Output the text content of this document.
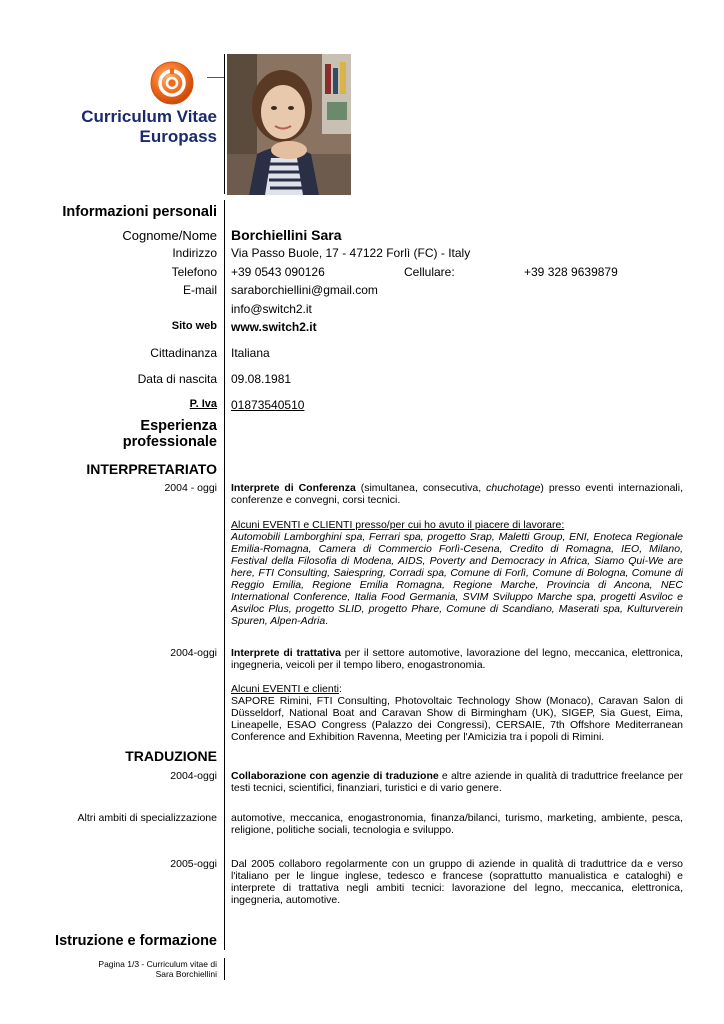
Curriculum Vitae
Europass
Informazioni personali
Cognome/Nome Borchiellini Sara
Indirizzo Via Passo Buole, 17 - 47122 Forlì (FC) - Italy
Telefono +39 0543 090126	Cellulare:	+39 328 9639879
E-mail saraborchiellini@gmail.com
info@switch2.it
Sito web www.switch2.it
Cittadinanza Italiana
Data di nascita 09.08.1981
P. Iva 01873540510
Esperienza
professionale
INTERPRETARIATO
2004 - oggi Interprete di Conferenza (simultanea, consecutiva, chuchotage) presso eventi internazionali, conferenze e convegni, corsi tecnici.
Alcuni EVENTI e CLIENTI presso/per cui ho avuto il piacere di lavorare:
Automobili Lamborghini spa, Ferrari spa, progetto Srap, Maletti Group, ENI, Enoteca Regionale Emilia-Romagna, Camera di Commercio Forlì-Cesena, Credito di Romagna, IEO, Milano, Festival della Filosofia di Modena, AIDS, Poverty and Democracy in Africa, Siamo Qui-We are here, FTI Consulting, Saiespring, Corradi spa, Comune di Forlì, Comune di Bologna, Comune di Reggio Emilia, Regione Emilia Romagna, Regione Marche, Provincia di Ancona, NEC International Conference, Italia Food Germania, SVIM Sviluppo Marche spa, progetti Asviloc e Asviloc Plus, progetto SLID, progetto Phare, Comune di Scandiano, Maserati spa, Kulturverein Spuren, Alpen-Adria.
2004-oggi Interprete di trattativa per il settore automotive, lavorazione del legno, meccanica, elettronica, ingegneria, veicoli per il tempo libero, enogastronomia.
Alcuni EVENTI e clienti:
SAPORE Rimini, FTI Consulting, Photovoltaic Technology Show (Monaco), Caravan Salon di Düsseldorf, National Boat and Caravan Show di Birmingham (UK), SIGEP, Sia Guest, Eima, Lineapelle, ESAO Congress (Palazzo dei Congressi), CERSAIE, 7th Offshore Mediterranean Conference and Exhibition Ravenna, Meeting per l'Amicizia tra i popoli di Rimini.
TRADUZIONE
2004-oggi Collaborazione con agenzie di traduzione e altre aziende in qualità di traduttrice freelance per testi tecnici, scientifici, finanziari, turistici e di vario genere.
Altri ambiti di specializzazione automotive, meccanica, enogastronomia, finanza/bilanci, turismo, marketing, ambiente, pesca, religione, politiche sociali, tecnologia e sviluppo.
2005-oggi Dal 2005 collaboro regolarmente con un gruppo di aziende in qualità di traduttrice da e verso l'italiano per le lingue inglese, tedesco e francese (soprattutto manualistica e cataloghi) e interprete di trattativa negli ambiti tecnici: lavorazione del legno, meccanica, elettronica, ingegneria, automotive.
Istruzione e formazione
Pagina 1/3 - Curriculum vitae di
Sara Borchiellini
